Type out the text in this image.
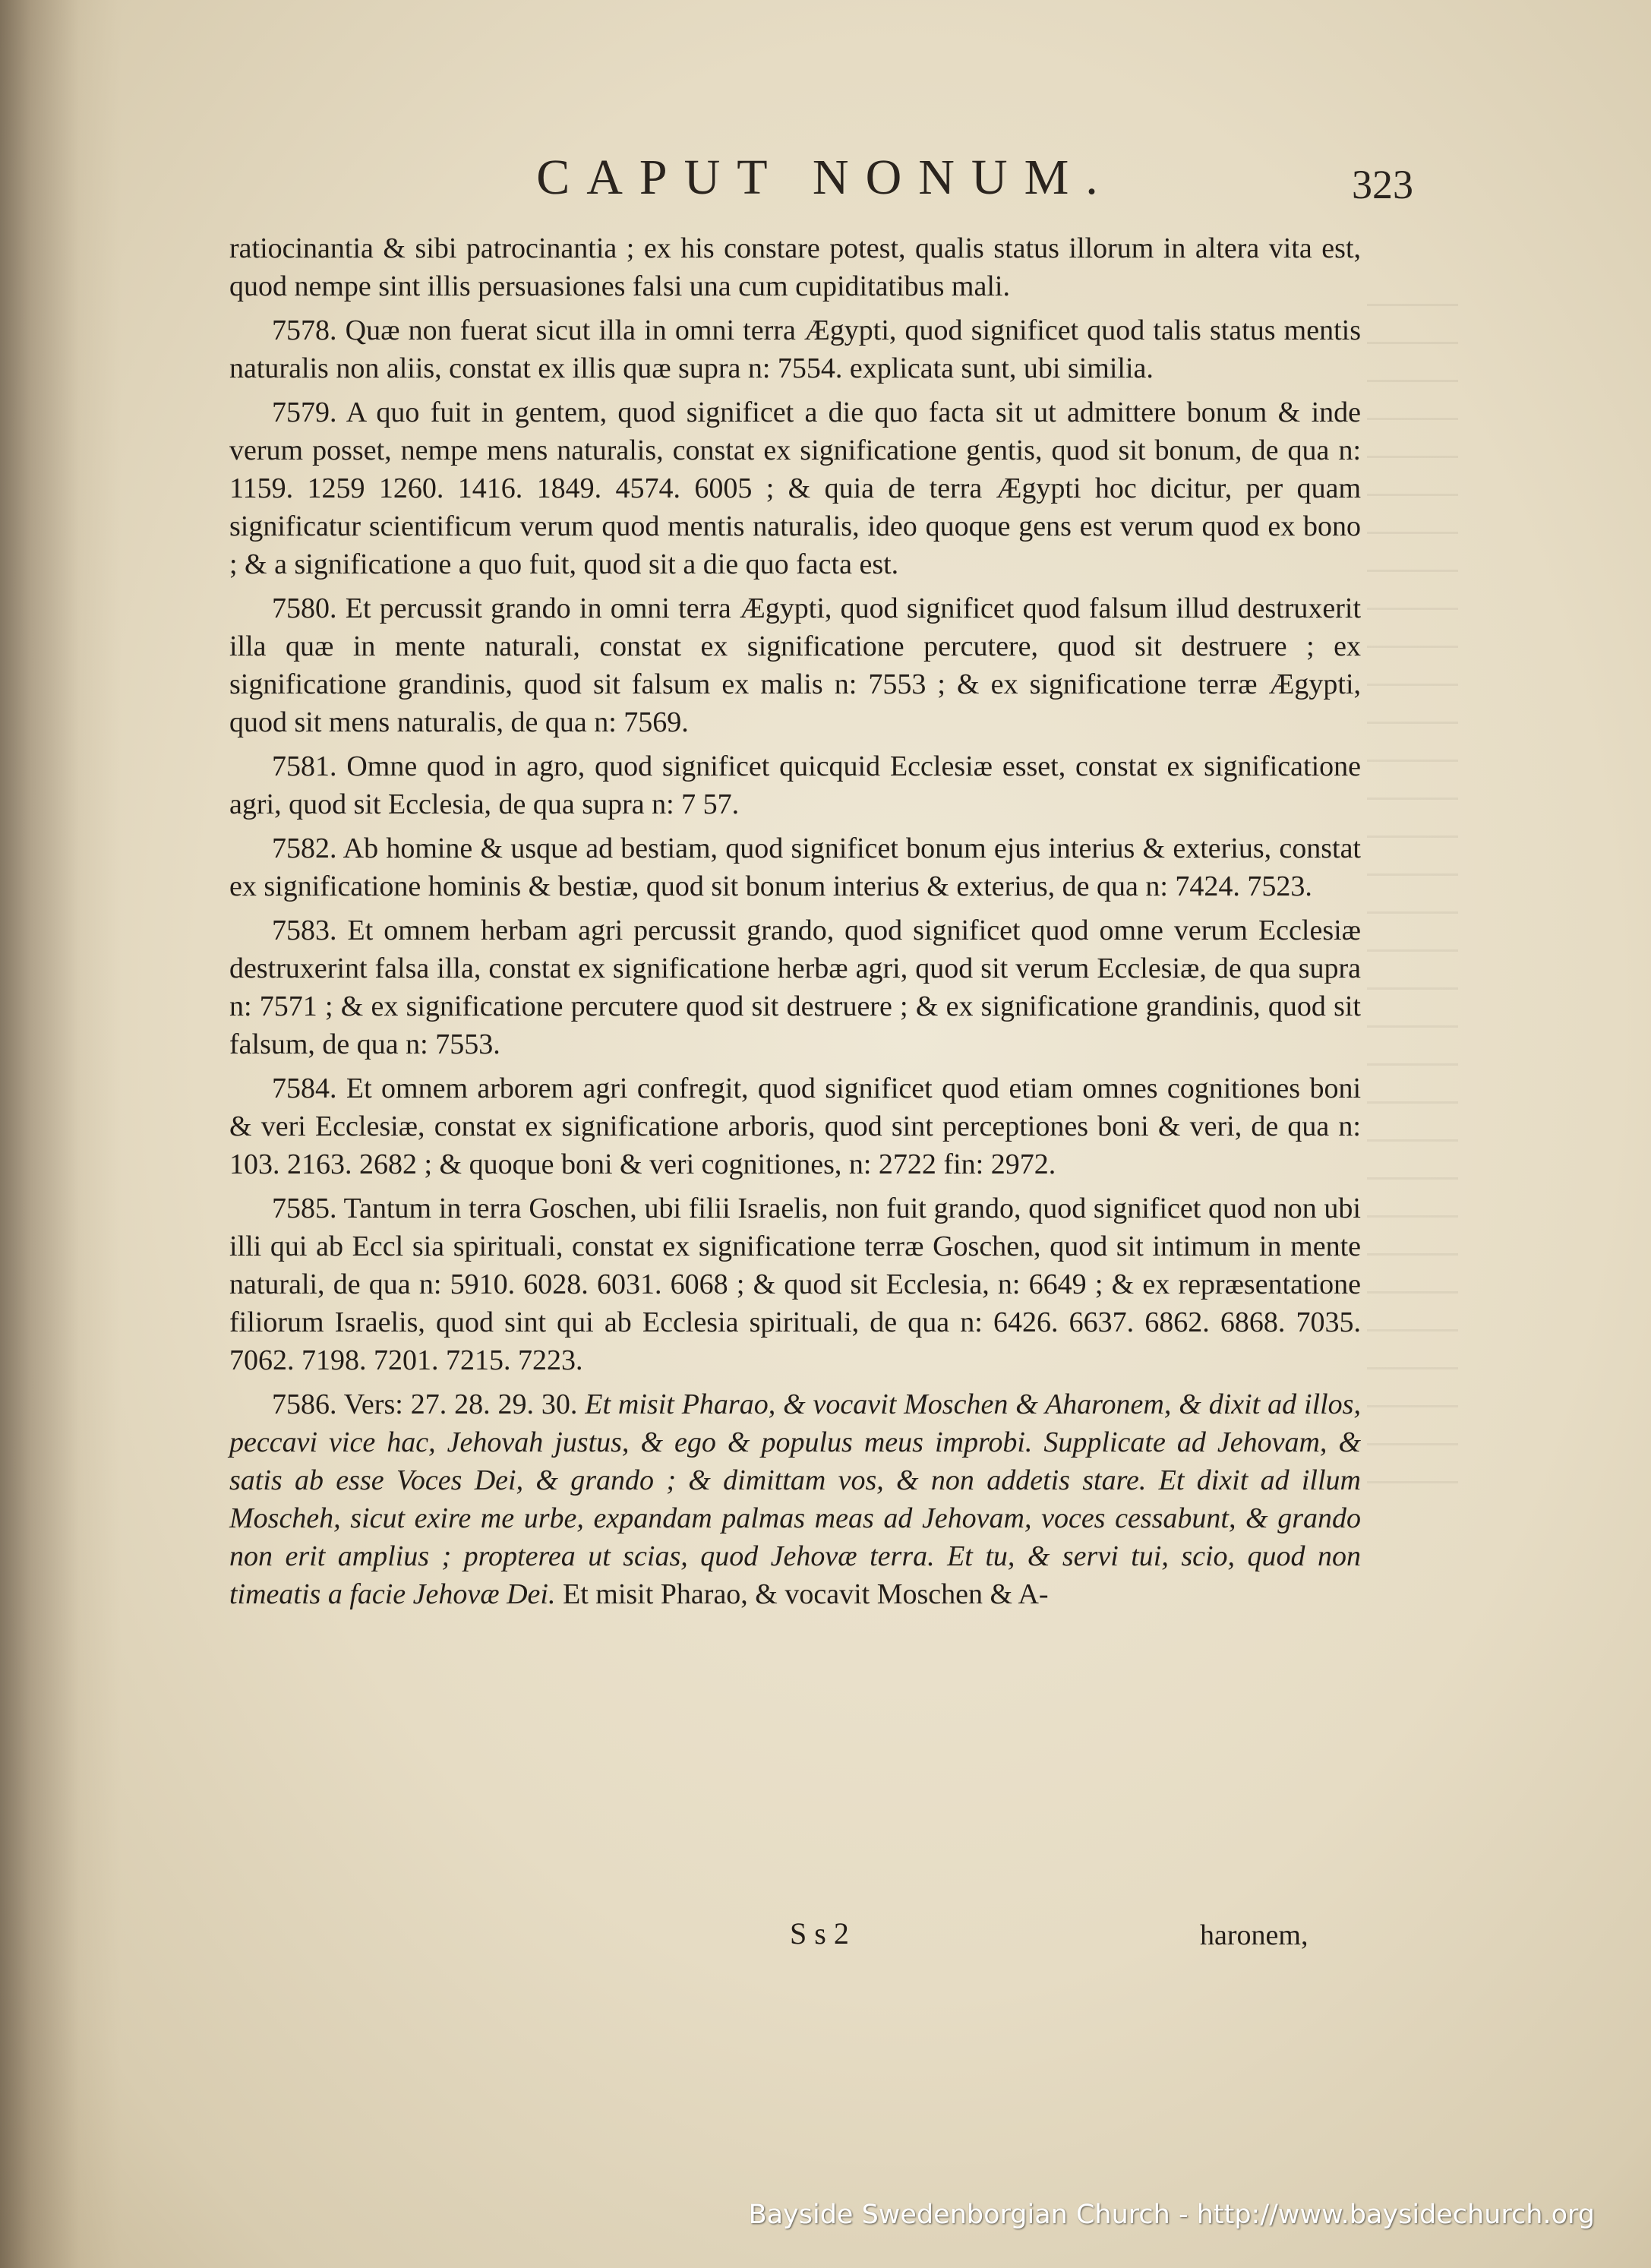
CAPUT NONUM.	323

ratiocinantia & sibi patrocinantia ; ex his constare potest, qualis status illorum in altera vita est, quod nempe sint illis persuasiones falsi una cum cupiditatibus mali.

7578. Quæ non fuerat sicut illa in omni terra Ægypti, quod significet quod talis status mentis naturalis non aliis, constat ex illis quæ supra n: 7554. explicata sunt, ubi similia.

7579. A quo fuit in gentem, quod significet a die quo facta sit ut admittere bonum & inde verum posset, nempe mens naturalis, constat ex significatione gentis, quod sit bonum, de qua n: 1159. 1259 1260. 1416. 1849. 4574. 6005 ; & quia de terra Ægypti hoc dicitur, per quam significatur scientificum verum quod mentis naturalis, ideo quoque gens est verum quod ex bono ; & a significatione a quo fuit, quod sit a die quo facta est.

7580. Et percussit grando in omni terra Ægypti, quod significet quod falsum illud destruxerit illa quæ in mente naturali, constat ex significatione percutere, quod sit destruere ; ex significatione grandinis, quod sit falsum ex malis n: 7553 ; & ex significatione terræ Ægypti, quod sit mens naturalis, de qua n: 7569.

7581. Omne quod in agro, quod significet quicquid Ecclesiæ esset, constat ex significatione agri, quod sit Ecclesia, de qua supra n: 7 57.

7582. Ab homine & usque ad bestiam, quod significet bonum ejus interius & exterius, constat ex significatione hominis & bestiæ, quod sit bonum interius & exterius, de qua n: 7424. 7523.

7583. Et omnem herbam agri percussit grando, quod significet quod omne verum Ecclesiæ destruxerint falsa illa, constat ex significatione herbæ agri, quod sit verum Ecclesiæ, de qua supra n: 7571 ; & ex significatione percutere quod sit destruere ; & ex significatione grandinis, quod sit falsum, de qua n: 7553.

7584. Et omnem arborem agri confregit, quod significet quod etiam omnes cognitiones boni & veri Ecclesiæ, constat ex significatione arboris, quod sint perceptiones boni & veri, de qua n: 103. 2163. 2682 ; & quoque boni & veri cognitiones, n: 2722 fin: 2972.

7585. Tantum in terra Goschen, ubi filii Israelis, non fuit grando, quod significet quod non ubi illi qui ab Eccl sia spirituali, constat ex significatione terræ Goschen, quod sit intimum in mente naturali, de qua n: 5910. 6028. 6031. 6068 ; & quod sit Ecclesia, n: 6649 ; & ex repræsentatione filiorum Israelis, quod sint qui ab Ecclesia spirituali, de qua n: 6426. 6637. 6862. 6868. 7035. 7062. 7198. 7201. 7215. 7223.

7586. Vers: 27. 28. 29. 30. Et misit Pharao, & vocavit Moschen & Aharonem, & dixit ad illos, peccavi vice hac, Jehovah justus, & ego & populus meus improbi. Supplicate ad Jehovam, & satis ab esse Voces Dei, & grando ; & dimittam vos, & non addetis stare. Et dixit ad illum Moscheh, sicut exire me urbe, expandam palmas meas ad Jehovam, voces cessabunt, & grando non erit amplius ; propterea ut scias, quod Jehovæ terra. Et tu, & servi tui, scio, quod non timeatis a facie Jehovæ Dei. Et misit Pharao, & vocavit Moschen & A-

S s 2	haronem,
Bayside Swedenborgian Church - http://www.baysidechurch.org
